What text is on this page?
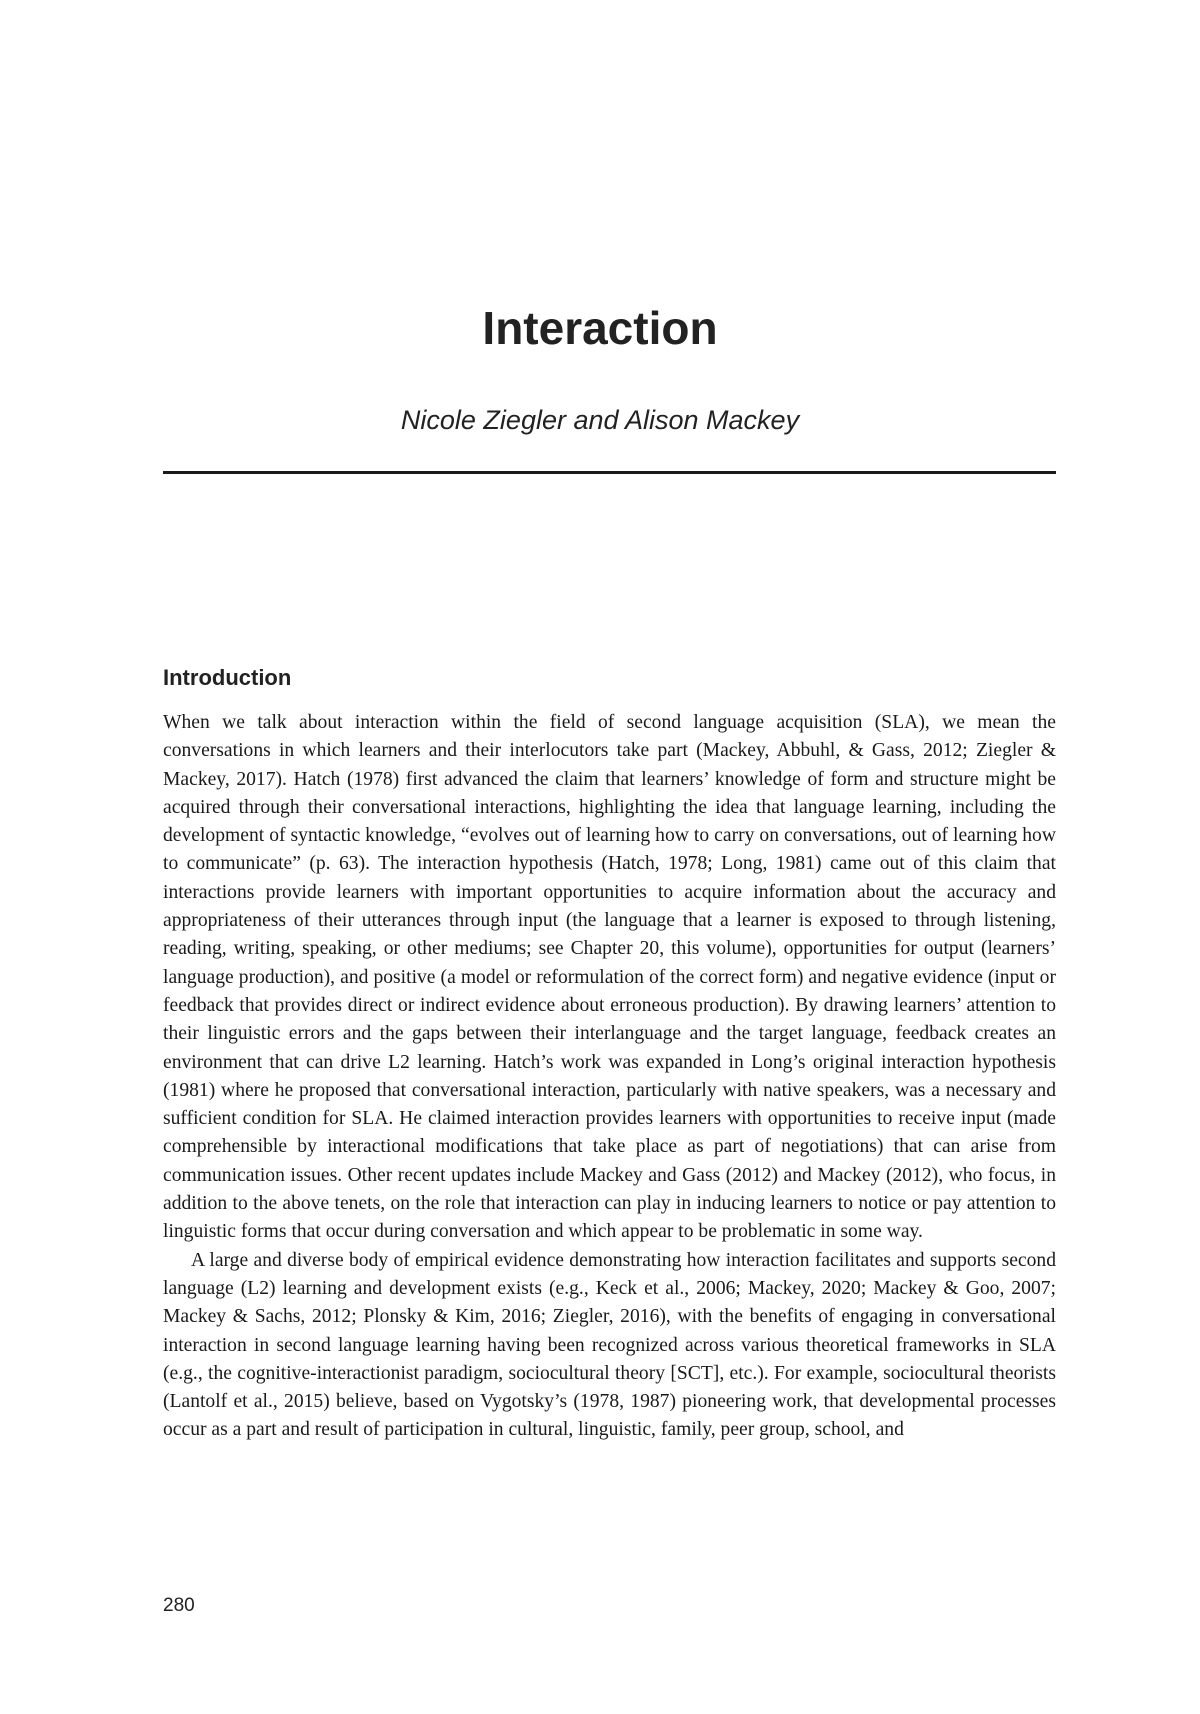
Interaction
Nicole Ziegler and Alison Mackey
Introduction

When we talk about interaction within the field of second language acquisition (SLA), we mean the conversations in which learners and their interlocutors take part (Mackey, Abbuhl, & Gass, 2012; Ziegler & Mackey, 2017). Hatch (1978) first advanced the claim that learners’ knowledge of form and structure might be acquired through their conversational interactions, highlighting the idea that language learning, including the development of syntactic knowledge, “evolves out of learning how to carry on conversations, out of learning how to communicate” (p. 63). The interaction hypothesis (Hatch, 1978; Long, 1981) came out of this claim that interactions provide learners with important opportunities to acquire information about the accuracy and appropriateness of their utterances through input (the language that a learner is exposed to through listening, reading, writing, speaking, or other mediums; see Chapter 20, this volume), opportunities for output (learners’ language production), and positive (a model or reformulation of the correct form) and negative evidence (input or feedback that provides direct or indirect evidence about erroneous production). By drawing learners’ attention to their linguistic errors and the gaps between their interlanguage and the target language, feedback creates an environment that can drive L2 learning. Hatch’s work was expanded in Long’s original interaction hypothesis (1981) where he proposed that conversational interaction, particularly with native speakers, was a necessary and sufficient condition for SLA. He claimed interaction provides learners with opportunities to receive input (made comprehensible by interactional modifications that take place as part of negotiations) that can arise from communication issues. Other recent updates include Mackey and Gass (2012) and Mackey (2012), who focus, in addition to the above tenets, on the role that interaction can play in inducing learners to notice or pay attention to linguistic forms that occur during conversation and which appear to be problematic in some way.

A large and diverse body of empirical evidence demonstrating how interaction facilitates and supports second language (L2) learning and development exists (e.g., Keck et al., 2006; Mackey, 2020; Mackey & Goo, 2007; Mackey & Sachs, 2012; Plonsky & Kim, 2016; Ziegler, 2016), with the benefits of engaging in conversational interaction in second language learning having been recognized across various theoretical frameworks in SLA (e.g., the cognitive-interactionist paradigm, sociocultural theory [SCT], etc.). For example, sociocultural theorists (Lantolf et al., 2015) believe, based on Vygotsky’s (1978, 1987) pioneering work, that developmental processes occur as a part and result of participation in cultural, linguistic, family, peer group, school, and

280
